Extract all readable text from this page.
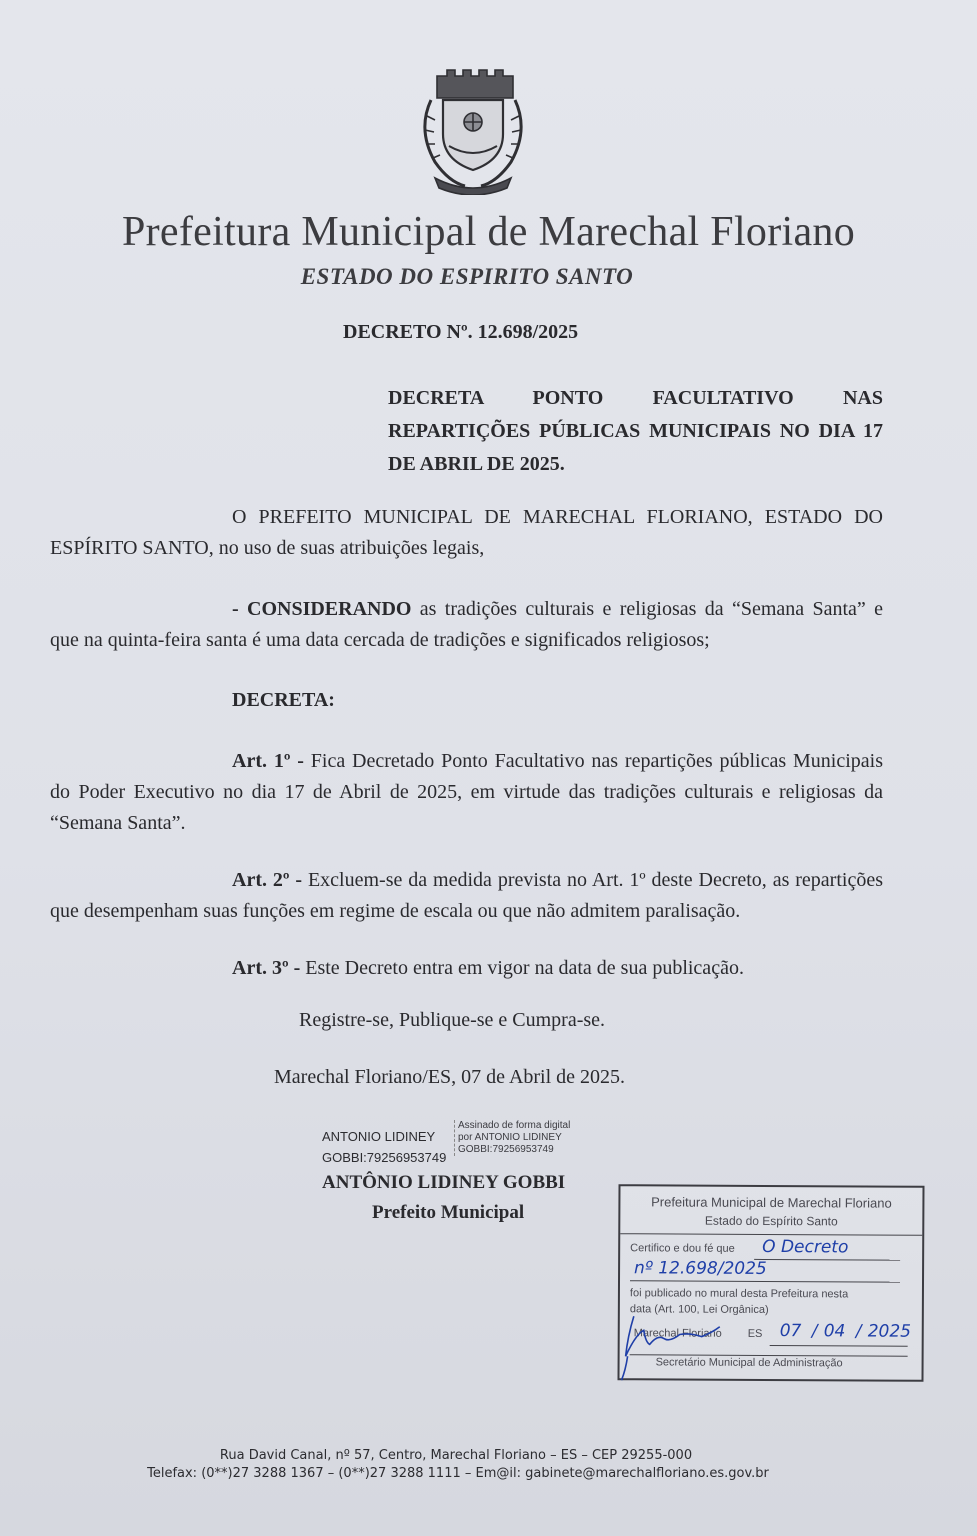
Prefeitura Municipal de Marechal Floriano
ESTADO DO ESPIRITO SANTO
DECRETO Nº. 12.698/2025
DECRETA PONTO FACULTATIVO NAS REPARTIÇÕES PÚBLICAS MUNICIPAIS NO DIA 17 DE ABRIL DE 2025.
O PREFEITO MUNICIPAL DE MARECHAL FLORIANO, ESTADO DO ESPÍRITO SANTO, no uso de suas atribuições legais,
- CONSIDERANDO as tradições culturais e religiosas da “Semana Santa” e que na quinta-feira santa é uma data cercada de tradições e significados religiosos;
DECRETA:
Art. 1º - Fica Decretado Ponto Facultativo nas repartições públicas Municipais do Poder Executivo no dia 17 de Abril de 2025, em virtude das tradições culturais e religiosas da “Semana Santa”.
Art. 2º - Excluem-se da medida prevista no Art. 1º deste Decreto, as repartições que desempenham suas funções em regime de escala ou que não admitem paralisação.
Art. 3º - Este Decreto entra em vigor na data de sua publicação.
Registre-se, Publique-se e Cumpra-se.
Marechal Floriano/ES, 07 de Abril de 2025.
ANTONIO LIDINEY
GOBBI:79256953749
Assinado de forma digital
por ANTONIO LIDINEY
GOBBI:79256953749
ANTÔNIO LIDINEY GOBBI
Prefeito Municipal	Prefeitura Municipal de Marechal Floriano
Estado do Espírito Santo
Certifico e dou fé que O Decreto
nº 12.698/2025
foi publicado no mural desta Prefeitura nesta
data (Art. 100, Lei Orgânica)
Marechal Floriano ES 07 / 04 / 2025
Secretário Municipal de Administração
Rua David Canal, nº 57, Centro, Marechal Floriano – ES – CEP 29255-000
Telefax: (0**)27 3288 1367 – (0**)27 3288 1111 – Em@il: gabinete@marechalfloriano.es.gov.br
